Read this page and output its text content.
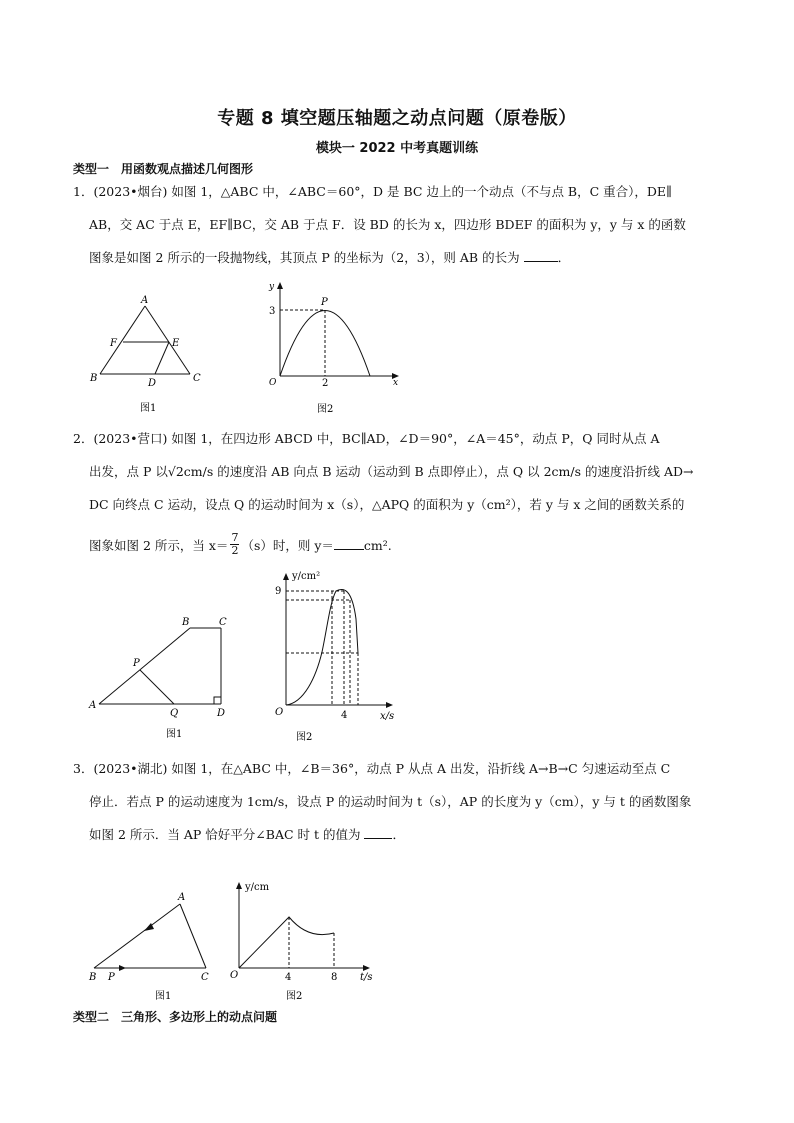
专题 8 填空题压轴题之动点问题（原卷版）
模块一 2022 中考真题训练
类型一　用函数观点描述几何图形
1．(2023•烟台) 如图 1，△ABC 中，∠ABC＝60°，D 是 BC 边上的一个动点（不与点 B，C 重合），DE∥
AB，交 AC 于点 E，EF∥BC，交 AB 于点 F．设 BD 的长为 x，四边形 BDEF 的面积为 y，y 与 x 的函数
图象是如图 2 所示的一段抛物线，其顶点 P 的坐标为（2，3），则 AB 的长为	．
A
F	E
B	D	C
图1
y
P
3
O	2	x
图2
2．(2023•营口) 如图 1，在四边形 ABCD 中，BC∥AD，∠D＝90°，∠A＝45°，动点 P，Q 同时从点 A
出发，点 P 以√2cm/s 的速度沿 AB 向点 B 运动（运动到 B 点即停止），点 Q 以 2cm/s 的速度沿折线 AD→
DC 向终点 C 运动，设点 Q 的运动时间为 x（s），△APQ 的面积为 y（cm²），若 y 与 x 之间的函数关系的
图象如图 2 所示，当 $x= \frac{7}{2} (s)$时，则 y＝ cm².
A
B	C
D
P
Q
图1
y/cm²
9
O	4	x/s
图2
3．(2023•湖北) 如图 1，在△ABC 中，∠B＝36°，动点 P 从点 A 出发，沿折线 A→B→C 匀速运动至点 C
停止．若点 P 的运动速度为 1cm/s，设点 P 的运动时间为 t（s），AP 的长度为 y（cm），y 与 t 的函数图象
如图 2 所示．当 AP 恰好平分∠BAC 时 t 的值为	．
A
B P	C
图1
y/cm
O	4	8 t/s
图2
类型二　三角形、多边形上的动点问题
